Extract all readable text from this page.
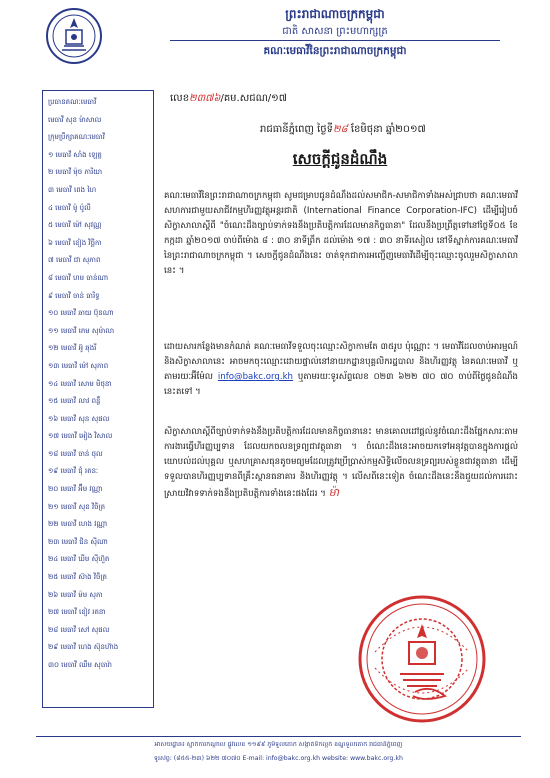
ព្រះរាជាណាចក្រកម្ពុជា
ជាតិ សាសនា ព្រះមហាក្សត្រ
គណៈមេធាវីនៃព្រះរាជាណាចក្រកម្ពុជា
ប្រធានគណៈមេធាវី
មេធាវី សុខ ម៉ាសាល
ក្រុមប្រឹក្សាគណៈមេធាវី
១ មេធាវី សាំង ឡេត្ត
២ មេធាវី ម៉ុច ភារិយា
៣ មេធាវី ពេង ហៃ
៤ មេធាវី ម៉ូ ប៉ូលី
៥ មេធាវី ម៉ៅ សុវណ្ណ
៦ មេធាវី ខៀង វិច្ឆិកា
៧ មេធាវី ជា សុភាព
៨ មេធាវី ហម ចាន់ណា
៩ មេធាវី ចាន់ ធារិទ្ធ
១០ មេធាវី ឆាយ ប៊ុនណា
១១ មេធាវី ភេម សុម៉ាលា
១២ មេធាវី អ៊ូ ឆុងរី
១៣ មេធាវី ម៉ៅ សុភាព
១៤ មេធាវី សោម មិថុនា
១៥ មេធាវី លាវ ពន្លឺ
១៦ មេធាវី សុន សុផល
១៧ មេធាវី អៀង វិសាល
១៨ មេធាវី ចាន់ ថុល
១៩ មេធាវី ជុំ រតនៈ
២០ មេធាវី អ៊ឹម វណ្ណា
២១ មេធាវី សុខ វិចិត្រ
២២ មេធាវី ហេង វណ្ណា
២៣ មេធាវី ជិន ស៊ីណា
២៤ មេធាវី ឃីម ស៊ីហ៊ួត
២៥ មេធាវី ស៊ាង វិចិត្រ
២៦ មេធាវី ម៉ម សុភា
២៧ មេធាវី ខៀវ រតនា
២៨ មេធាវី សៅ សុផល
២៩ មេធាវី ហេង ស៊ុនហ៊ាង
៣០ មេធាវី ឈឹម សុធារ៉ា
លេខ២៣៧៦/គម.សជណ/១៧
រាជធានីភ្នំពេញ ថ្ងៃទី២៨ ខែមិថុនា ឆ្នាំ២០១៧
សេចក្តីជូនដំណឹង
គណៈមេធាវីនៃព្រះរាជាណាចក្រកម្ពុជា សូមជម្រាបជូនដំណឹងដល់សមាជិក-សមាជិកាទាំងអស់ជ្រាបថា គណៈមេធាវីសហការជាមួយសាជីវកម្មហិរញ្ញវត្ថុអន្តរជាតិ (International Finance Corporation-IFC) ដើម្បីរៀបចំសិក្ខាសាលាស្តីពី "ចំណេះដឹងច្បាប់ទាក់ទងនឹងប្រតិបត្តិការដែលមានកិច្ចធានា" ដែលនឹងប្រព្រឹត្តទៅនៅថ្ងៃទី០៥ ខែកក្កដា ឆ្នាំ២០១៧ ចាប់ពីម៉ោង ៨ : ៣០ នាទីព្រឹក ដល់ម៉ោង ១៧ : ៣០ នាទីរសៀល នៅទីស្នាក់ការគណៈមេធាវីនៃព្រះរាជាណាចក្រកម្ពុជា ។ សេចក្តីជូនដំណឹងនេះ ចាត់ទុកជាការអញ្ជើញមេធាវីដើម្បីចុះឈ្មោះចូលរួមសិក្ខាសាលានេះ ។
ដោយសារកន្លែងមានកំណត់ គណៈមេធាវីទទួលចុះឈ្មោះសិក្ខាកាមតែ ៣៥រូប ប៉ុណ្ណោះ ។ មេធាវីដែលចាប់អារម្មណ៍និងសិក្ខាសាលានេះ អាចមកចុះឈ្មោះដោយផ្ទាល់នៅនាយកដ្ឋានបុគ្គលិករដ្ឋបាល និងហិរញ្ញវត្ថុ នៃគណៈមេធាវី ឬតាមរយៈអ៊ីម៉ែល info@bakc.org.kh ឬតាមរយៈទូរស័ព្ទលេខ ០២៣ ៦២២ ៧០ ៧០ ចាប់ពីថ្ងៃជូនដំណឹងនេះតទៅ ។
សិក្ខាសាលាស្តីពីច្បាប់ទាក់ទងនឹងប្រតិបត្តិការដែលមានកិច្ចធានានេះ មានគោលដៅផ្តល់នូវចំណេះដឹងផ្នែកសារៈតាមការងារធ្វើហិរញ្ញប្បទាន ដែលយកចលនទ្រព្យជាវត្ថុធានា ។ ចំណេះដឹងនេះអាចយកទៅអនុវត្តបានក្នុងការផ្តល់យោបល់ដល់បុគ្គល ឬសហគ្រាសធុនតូចមធ្យមដែលត្រូវប្រើប្រាស់កម្មសិទ្ធិលើចលនទ្រព្យរបស់ខ្លួនជាវត្ថុធានា ដើម្បីទទួលបានហិរញ្ញប្បទានពីគ្រឹះស្ថានធនាគារ និងហិរញ្ញវត្ថុ ។ លើសពីនេះទៀត ចំណេះដឹងនេះនឹងជួយដល់ការដោះស្រាយវិវាទទាក់ទងនឹងប្រតិបត្តិការទាំងនេះផងដែរ ។ ម៉ា
អាសយដ្ឋាន៖ ស្នាក់ការកណ្តាល ផ្លូវលេខ ១១៩៩ ភូមិទួលគោក សង្កាត់ទឹកល្អក់ ខណ្ឌទួលគោក រាជធានីភ្នំពេញ
ទូរស័ព្ទ: (៨៥៥-២៣) ៦២២ ៧០៧០ E-mail: info@bakc.org.kh website: www.bakc.org.kh
